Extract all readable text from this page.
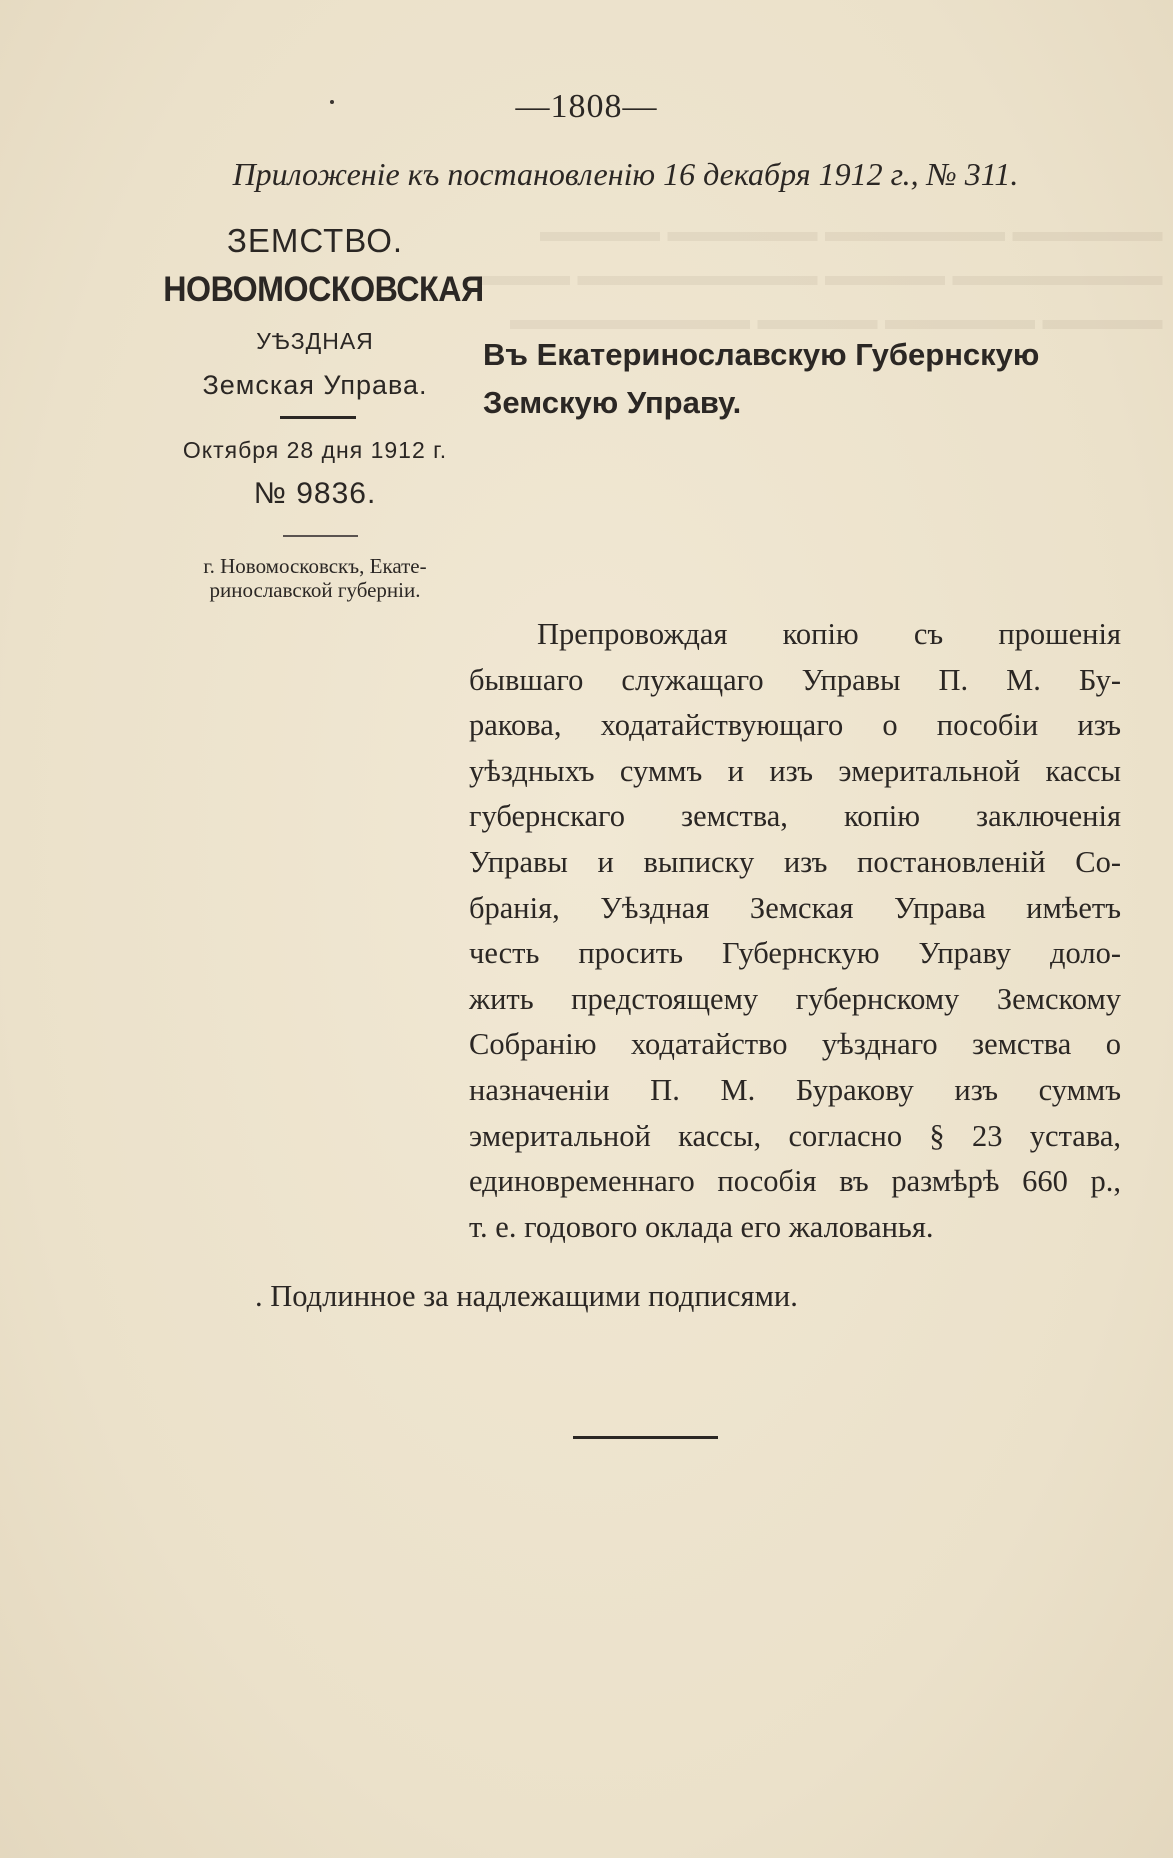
▬▬▬▬▬ ▬▬▬▬▬▬ ▬▬▬▬▬ ▬▬▬▬
▬▬▬▬▬▬▬ ▬▬▬▬ ▬▬▬▬▬▬▬▬ ▬▬▬
▬▬▬▬ ▬▬▬▬▬ ▬▬▬▬ ▬▬▬▬▬▬▬▬
—1808—
Приложеніе къ постановленію 16 декабря 1912 г., № 311.
ЗЕМСТВО.
НОВОМОСКОВСКАЯ
УѢЗДНАЯ
Земская Управа.
Октября 28 дня 1912 г.
№ 9836.
г. Новомосковскъ, Екате-
ринославской губерніи.
Въ Екатеринославскую Губернскую
Земскую Управу.
Препровождая копію съ прошенія
бывшаго служащаго Управы П. М. Бу-
ракова, ходатайствующаго о пособіи изъ
уѣздныхъ суммъ и изъ эмеритальной кассы
губернскаго земства, копію заключенія
Управы и выписку изъ постановленій Со-
бранія, Уѣздная Земская Управа имѣетъ
честь просить Губернскую Управу доло-
жить предстоящему губернскому Земскому
Собранію ходатайство уѣзднаго земства о
назначеніи П. М. Буракову изъ суммъ
эмеритальной кассы, согласно § 23 устава,
единовременнаго пособія въ размѣрѣ 660 р.,
т. е. годового оклада его жалованья.
. Подлинное за надлежащими подписями.
